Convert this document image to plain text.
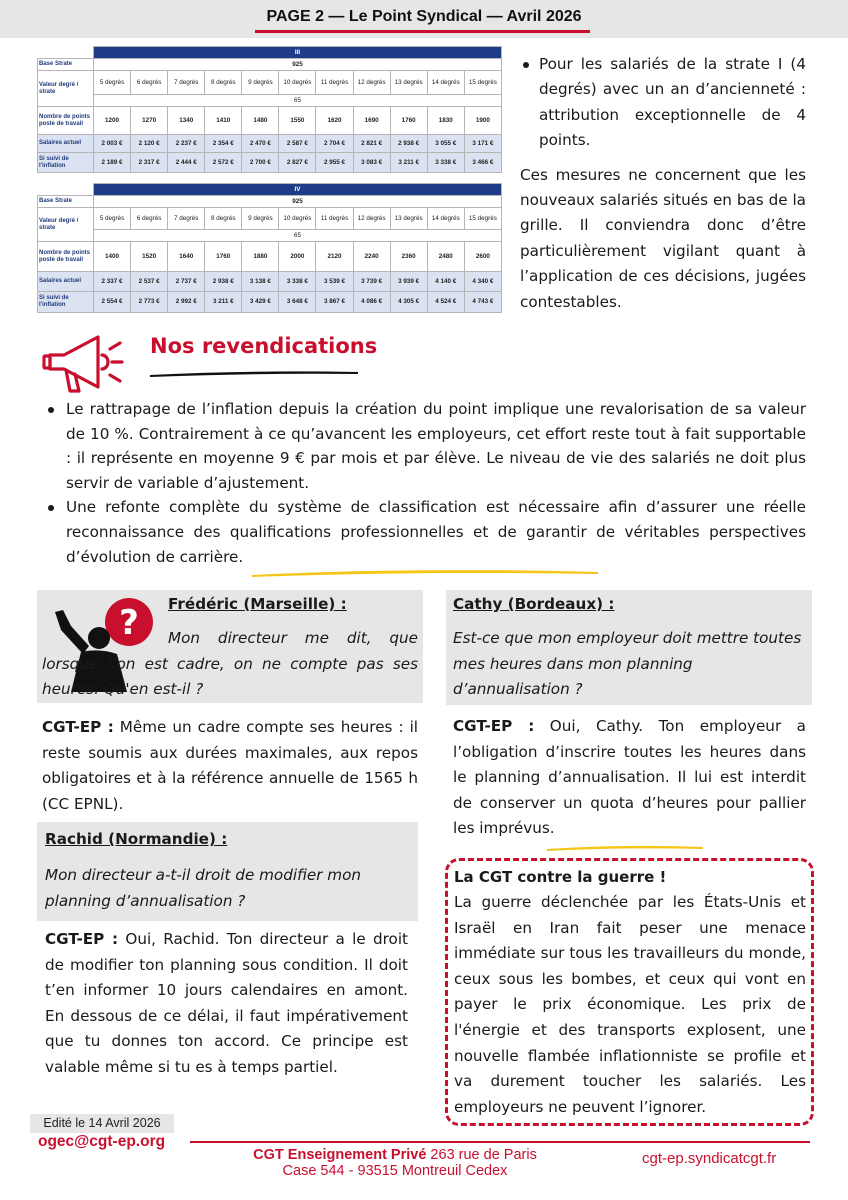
PAGE 2 — Le Point Syndical — Avril 2026
	III										
Base Strate	925										
Valeur degré / strate	5 degrés	6 degrés	7 degrés	8 degrés	9 degrés	10 degrés	11 degrés	12 degrés	13 degrés	14 degrés	15 degrés
	65										
Nombre de points poste de travail	1200	1270	1340	1410	1480	1550	1620	1690	1760	1830	1900
Salaires actuel	2 003 €	2 120 €	2 237 €	2 354 €	2 470 €	2 587 €	2 704 €	2 821 €	2 938 €	3 055 €	3 171 €
Si suivi de l'inflation	2 189 €	2 317 €	2 444 €	2 572 €	2 700 €	2 827 €	2 955 €	3 083 €	3 211 €	3 338 €	3 466 €
	IV										
Base Strate	925										
Valeur degré / strate	5 degrés	6 degrés	7 degrés	8 degrés	9 degrés	10 degrés	11 degrés	12 degrés	13 degrés	14 degrés	15 degrés
	65										
Nombre de points poste de travail	1400	1520	1640	1760	1880	2000	2120	2240	2360	2480	2600
Salaires actuel	2 337 €	2 537 €	2 737 €	2 938 €	3 138 €	3 338 €	3 539 €	3 739 €	3 939 €	4 140 €	4 340 €
Si suivi de l'inflation	2 554 €	2 773 €	2 992 €	3 211 €	3 429 €	3 648 €	3 867 €	4 086 €	4 305 €	4 524 €	4 743 €
Pour les salariés de la strate I (4 degrés) avec un an d’ancienneté : attribution exceptionnelle de 4 points.

Ces mesures ne concernent que les nouveaux salariés situés en bas de la grille. Il conviendra donc d’être particulièrement vigilant quant à l’application de ces décisions, jugées contestables.

Nos revendications
Le rattrapage de l’inflation depuis la création du point implique une revalorisation de sa valeur de 10 %. Contrairement à ce qu’avancent les employeurs, cet effort reste tout à fait supportable : il représente en moyenne 9 € par mois et par élève. Le niveau de vie des salariés ne doit plus servir de variable d’ajustement.
Une refonte complète du système de classification est nécessaire afin d’assurer une réelle reconnaissance des qualifications professionnelles et de garantir de véritables perspectives d’évolution de carrière.
? Frédéric (Marseille) :
Mon directeur me dit, que lorsque l’on est cadre, on ne compte pas ses heures. Qu'en est-il ?
CGT-EP : Même un cadre compte ses heures : il reste soumis aux durées maximales, aux repos obligatoires et à la référence annuelle de 1565 h (CC EPNL).
Rachid (Normandie) :
Mon directeur a-t-il droit de modifier mon planning d’annualisation ?
CGT-EP : Oui, Rachid. Ton directeur a le droit de modifier ton planning sous condition. Il doit t’en informer 10 jours calendaires en amont. En dessous de ce délai, il faut impérativement que tu donnes ton accord. Ce principe est valable même si tu es à temps partiel.
Cathy (Bordeaux) :
Est-ce que mon employeur doit mettre toutes mes heures dans mon planning d’annualisation ?
CGT-EP : Oui, Cathy. Ton employeur a l’obligation d’inscrire toutes les heures dans le planning d’annualisation. Il lui est interdit de conserver un quota d’heures pour pallier les imprévus.
La CGT contre la guerre !
La guerre déclenchée par les États-Unis et Israël en Iran fait peser une menace immédiate sur tous les travailleurs du monde, ceux sous les bombes, et ceux qui vont en payer le prix économique. Les prix de l'énergie et des transports explosent, une nouvelle flambée inflationniste se profile et va durement toucher les salariés. Les employeurs ne peuvent l’ignorer.
Edité le 14 Avril 2026
ogec@cgt-ep.org
CGT Enseignement Privé 263 rue de Paris
Case 544 - 93515 Montreuil Cedex
cgt-ep.syndicatcgt.fr
